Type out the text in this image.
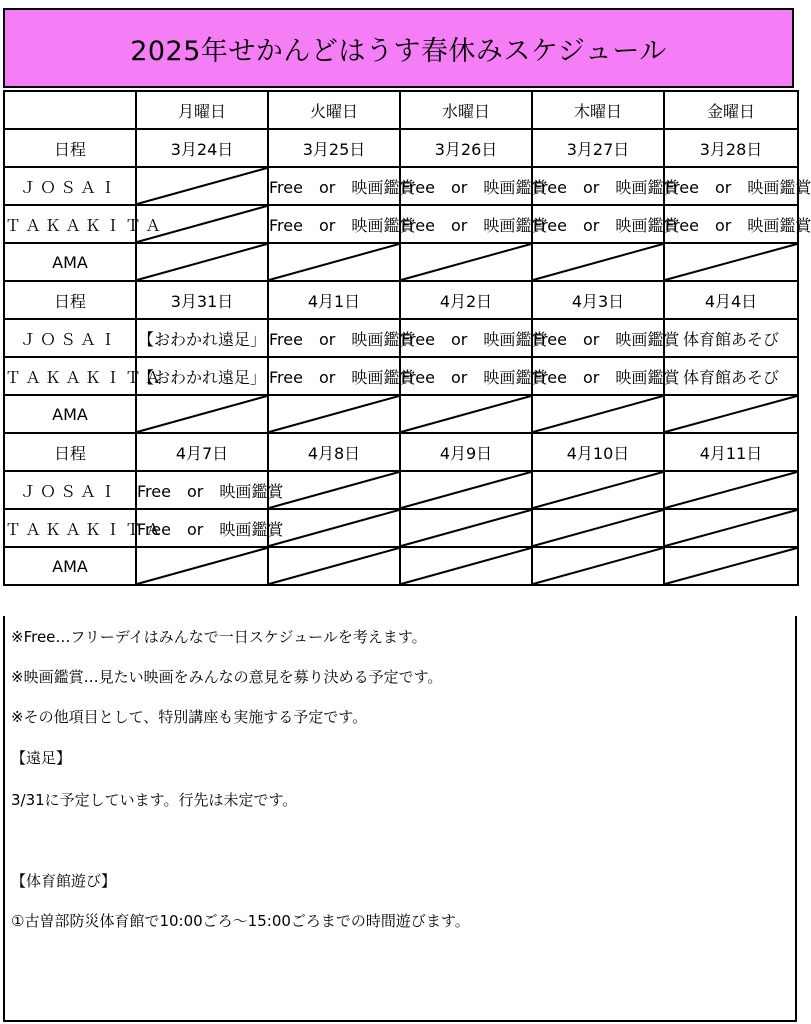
2025年せかんどはうす春休みスケジュール
	月曜日	火曜日	水曜日	木曜日	金曜日
日程	3月24日	3月25日	3月26日	3月27日	3月28日
ＪＯＳＡＩ		Free　or　映画鑑賞	Free　or　映画鑑賞	Free　or　映画鑑賞	Free　or　映画鑑賞
ＴＡＫＡＫＩＴＡ		Free　or　映画鑑賞	Free　or　映画鑑賞	Free　or　映画鑑賞	Free　or　映画鑑賞
AMA	

日程	3月31日	4月1日	4月2日	4月3日	4月4日
ＪＯＳＡＩ	【おわかれ遠足」	Free　or　映画鑑賞	Free　or　映画鑑賞	Free　or　映画鑑賞	体育館あそび
ＴＡＫＡＫＩＴＡ	【おわかれ遠足」	Free　or　映画鑑賞	Free　or　映画鑑賞	Free　or　映画鑑賞	体育館あそび
AMA	

日程	4月7日	4月8日	4月9日	4月10日	4月11日
ＪＯＳＡＩ	Free　or　映画鑑賞	

ＴＡＫＡＫＩＴＡ	Free　or　映画鑑賞	

AMA	

※Free…フリーデイはみんなで一日スケジュールを考えます。
※映画鑑賞…見たい映画をみんなの意見を募り決める予定です。
※その他項目として、特別講座も実施する予定です。
【遠足】
3/31に予定しています。行先は未定です。
【体育館遊び】
①古曽部防災体育館で10:00ごろ～15:00ごろまでの時間遊びます。
